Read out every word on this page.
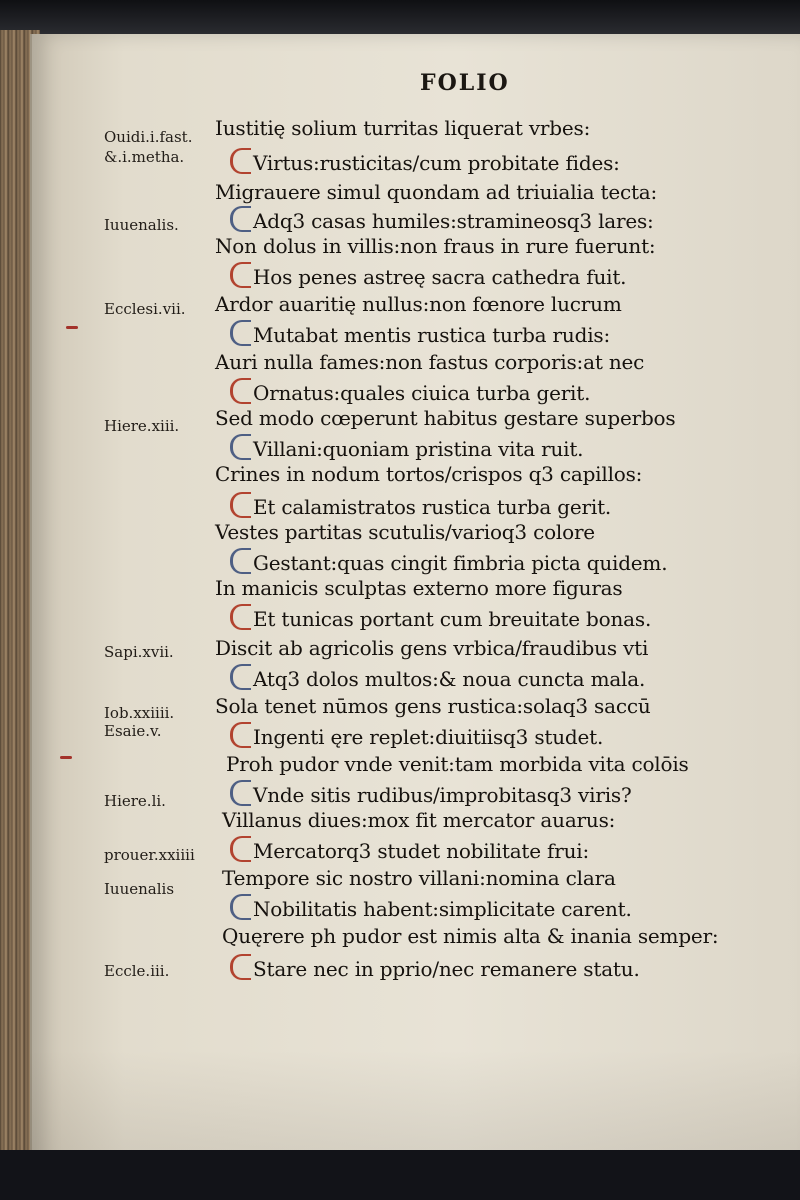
FOLIO
Ouidi.i.fast.
&.i.metha.
Iuuenalis.
Ecclesi.vii.
Hiere.xiii.
Sapi.xvii.
Iob.xxiiii.
Esaie.v.
Hiere.li.
prouer.xxiiii
Iuuenalis
Eccle.iii.
Iustitię solium turritas liquerat vrbes:
Virtus:rusticitas/cum probitate fides:
Migrauere simul quondam ad triuialia tecta:
Adq3 casas humiles:stramineosq3 lares:
Non dolus in villis:non fraus in rure fuerunt:
Hos penes astreę sacra cathedra fuit.
Ardor auaritię nullus:non fœnore lucrum
Mutabat mentis rustica turba rudis:
Auri nulla fames:non fastus corporis:at nec
Ornatus:quales ciuica turba gerit.
Sed modo cœperunt habitus gestare superbos
Villani:quoniam pristina vita ruit.
Crines in nodum tortos/crispos q3 capillos:
Et calamistratos rustica turba gerit.
Vestes partitas scutulis/varioq3 colore
Gestant:quas cingit fimbria picta quidem.
In manicis sculptas externo more figuras
Et tunicas portant cum breuitate bonas.
Discit ab agricolis gens vrbica/fraudibus vti
Atq3 dolos multos:& noua cuncta mala.
Sola tenet nūmos gens rustica:solaq3 saccū
Ingenti ęre replet:diuitiisq3 studet.
Proh pudor vnde venit:tam morbida vita colōis
Vnde sitis rudibus/improbitasq3 viris?
Villanus diues:mox fit mercator auarus:
Mercatorq3 studet nobilitate frui:
Tempore sic nostro villani:nomina clara
Nobilitatis habent:simplicitate carent.
Quęrere ph pudor est nimis alta & inania semper:
Stare nec in pprio/nec remanere statu.
